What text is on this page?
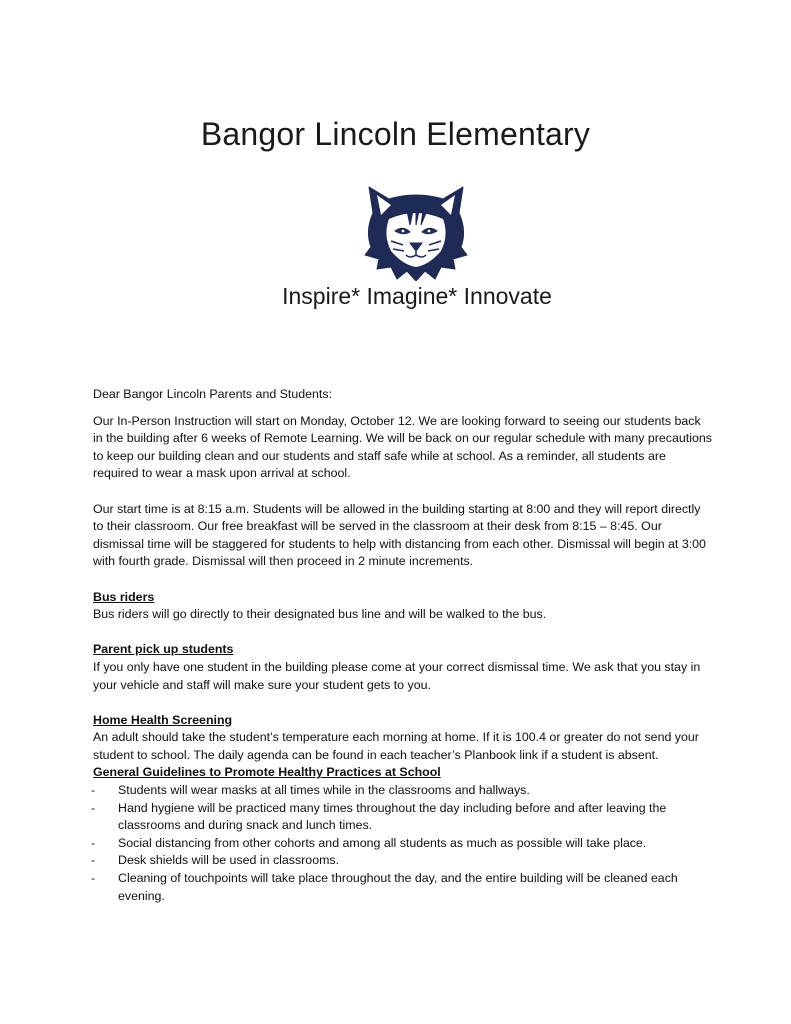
Bangor Lincoln Elementary
Inspire* Imagine* Innovate

Dear Bangor Lincoln Parents and Students:

Our In-Person Instruction will start on Monday, October 12. We are looking forward to seeing our students back in the building after 6 weeks of Remote Learning. We will be back on our regular schedule with many precautions to keep our building clean and our students and staff safe while at school. As a reminder, all students are required to wear a mask upon arrival at school.

Our start time is at 8:15 a.m. Students will be allowed in the building starting at 8:00 and they will report directly to their classroom. Our free breakfast will be served in the classroom at their desk from 8:15 – 8:45. Our dismissal time will be staggered for students to help with distancing from each other. Dismissal will begin at 3:00 with fourth grade. Dismissal will then proceed in 2 minute increments.

Bus riders

Bus riders will go directly to their designated bus line and will be walked to the bus.

Parent pick up students

If you only have one student in the building please come at your correct dismissal time. We ask that you stay in your vehicle and staff will make sure your student gets to you.

Home Health Screening

An adult should take the student’s temperature each morning at home. If it is 100.4 or greater do not send your student to school. The daily agenda can be found in each teacher’s Planbook link if a student is absent.

General Guidelines to Promote Healthy Practices at School

- Students will wear masks at all times while in the classrooms and hallways.
- Hand hygiene will be practiced many times throughout the day including before and after leaving the classrooms and during snack and lunch times.
- Social distancing from other cohorts and among all students as much as possible will take place.
- Desk shields will be used in classrooms.
- Cleaning of touchpoints will take place throughout the day, and the entire building will be cleaned each evening.
